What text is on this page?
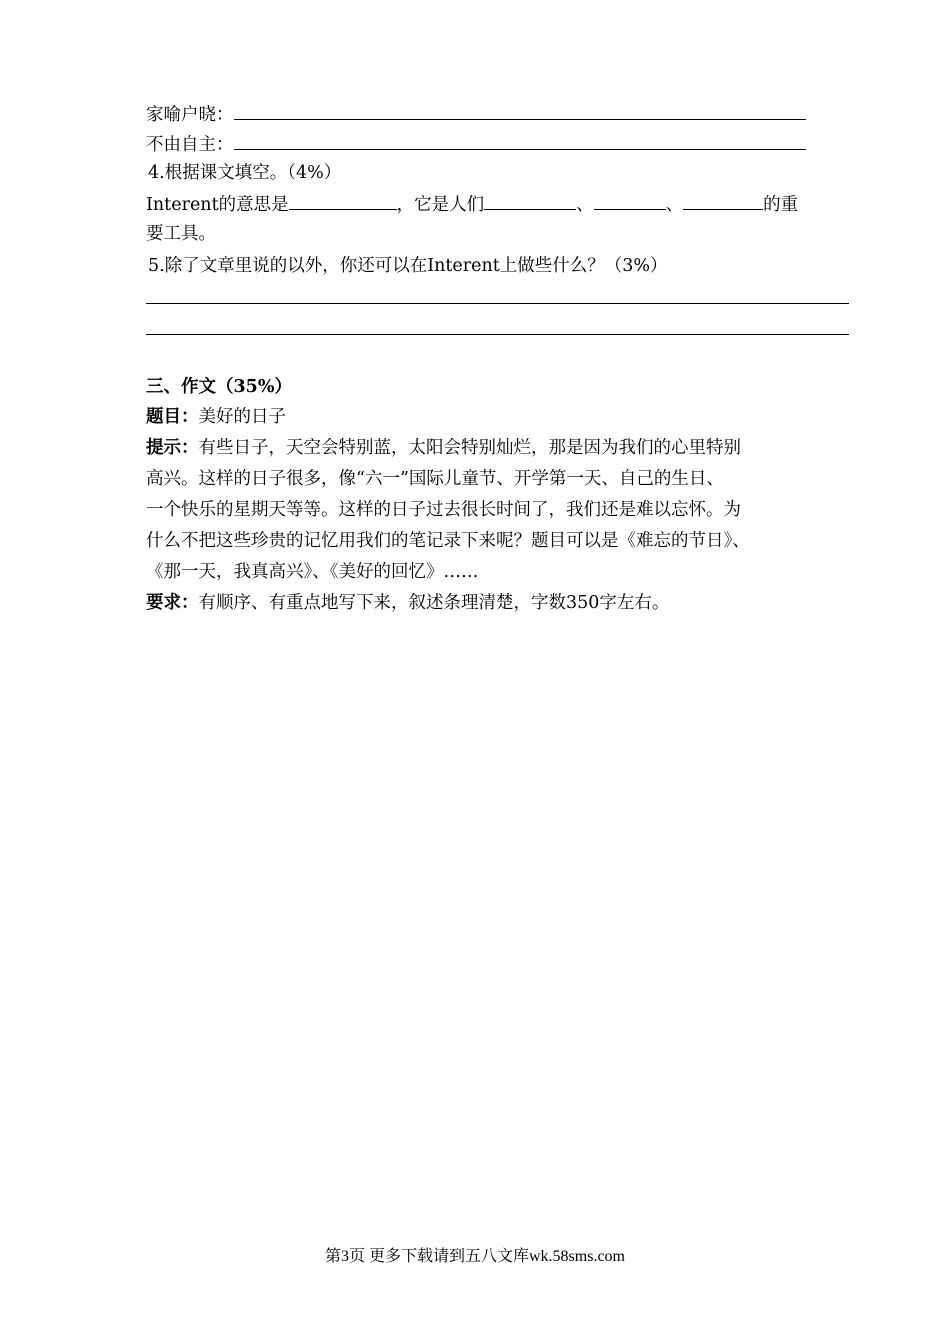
家喻户晓：
不由自主：
4.根据课文填空。（4%）
Interent的意思是	，它是人们	、	、	的重
要工具。
5.除了文章里说的以外，你还可以在Interent上做些什么？（3%）
三、作文（35%）
题目：美好的日子
提示：有些日子，天空会特别蓝，太阳会特别灿烂，那是因为我们的心里特别
高兴。这样的日子很多，像“六一”国际儿童节、开学第一天、自己的生日、
一个快乐的星期天等等。这样的日子过去很长时间了，我们还是难以忘怀。为
什么不把这些珍贵的记忆用我们的笔记录下来呢？题目可以是《难忘的节日》、
《那一天，我真高兴》、《美好的回忆》……
要求：有顺序、有重点地写下来，叙述条理清楚，字数350字左右。
第3页 更多下载请到五八文库wk.58sms.com
